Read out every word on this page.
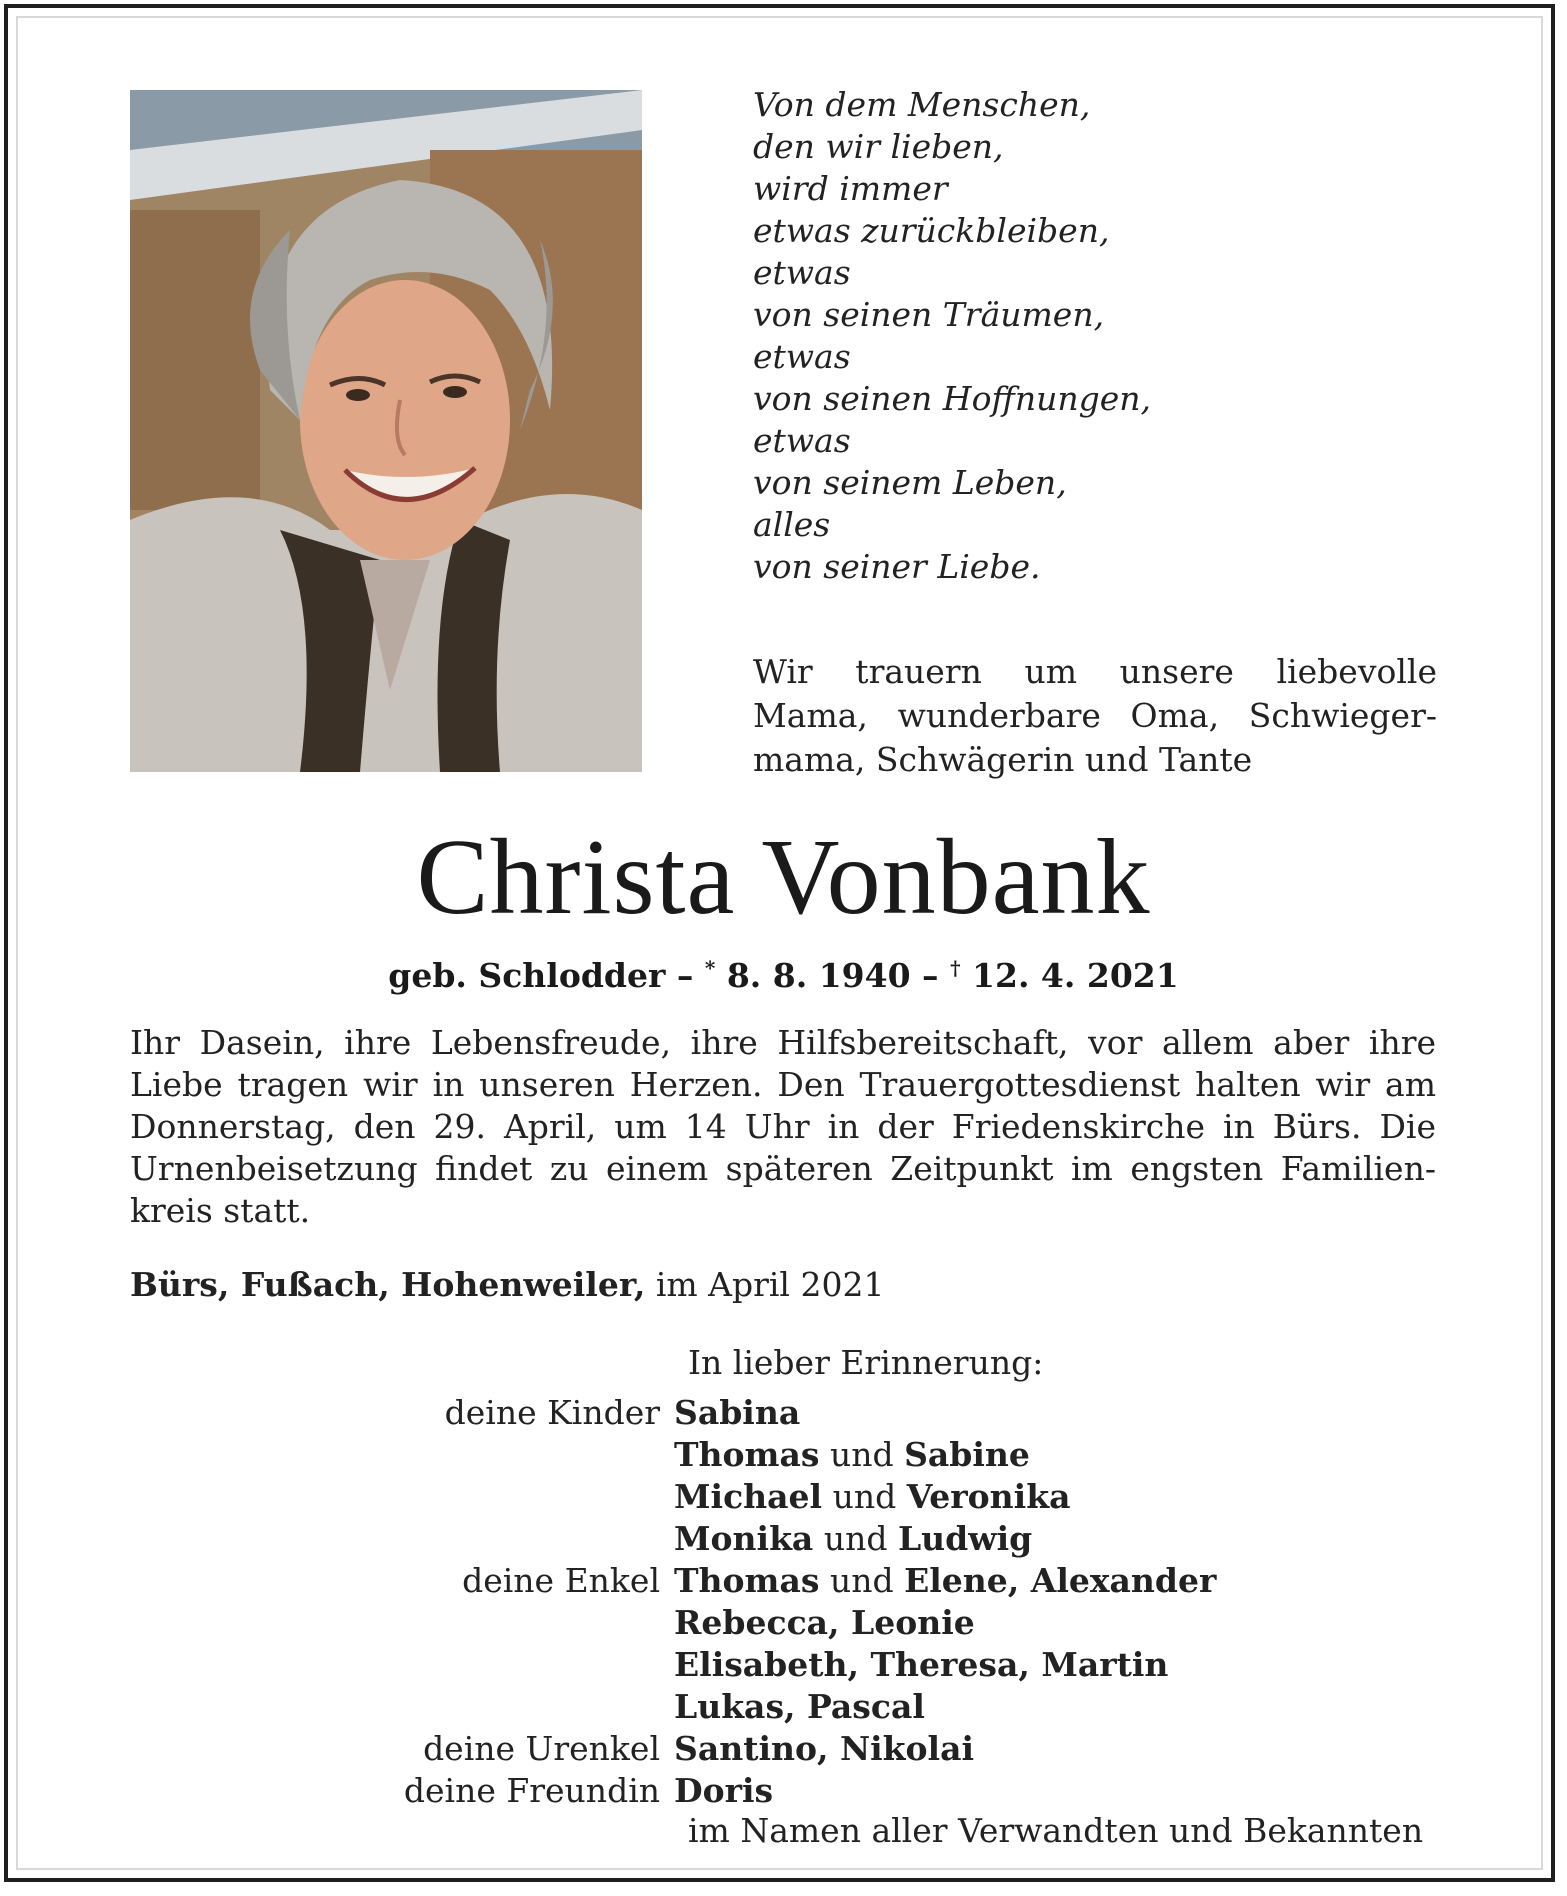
Von dem Menschen,
den wir lieben,
wird immer
etwas zurückbleiben,
etwas
von seinen Träumen,
etwas
von seinen Hoffnungen,
etwas
von seinem Leben,
alles
von seiner Liebe.
Wir trauern um unsere liebevolle
Mama, wunderbare Oma, Schwieger-
mama, Schwägerin und Tante
Christa Vonbank
geb. Schlodder – * 8. 8. 1940 – † 12. 4. 2021
Ihr Dasein, ihre Lebensfreude, ihre Hilfsbereitschaft, vor allem aber ihre
Liebe tragen wir in unseren Herzen. Den Trauergottesdienst halten wir am
Donnerstag, den 29. April, um 14 Uhr in der Friedenskirche in Bürs. Die
Urnenbeisetzung findet zu einem späteren Zeitpunkt im engsten Familien-
kreis statt.
Bürs, Fußach, Hohenweiler, im April 2021
In lieber Erinnerung:
deine Kinder Sabina
Thomas und Sabine
Michael und Veronika
Monika und Ludwig
deine Enkel Thomas und Elene, Alexander
Rebecca, Leonie
Elisabeth, Theresa, Martin
Lukas, Pascal
deine Urenkel Santino, Nikolai
deine Freundin Doris
im Namen aller Verwandten und Bekannten
